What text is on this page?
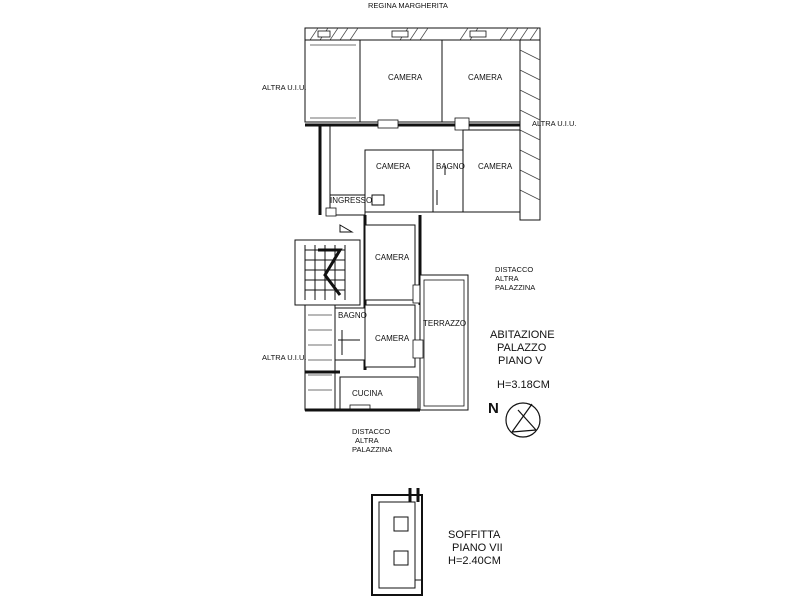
REGINA MARGHERITA
ALTRA U.I.U.
ALTRA U.I.U.
ALTRA U.I.U.
DISTACCO
ALTRA
PALAZZINA
DISTACCO
ALTRA
PALAZZINA
CAMERA	CAMERA
CAMERA	BAGNO CAMERA
INGRESSO
CAMERA
BAGNO
CAMERA
TERRAZZO
CUCINA
ABITAZIONE
PALAZZO
PIANO V
H=3.18CM
N
SOFFITTA
PIANO VII
H=2.40CM
